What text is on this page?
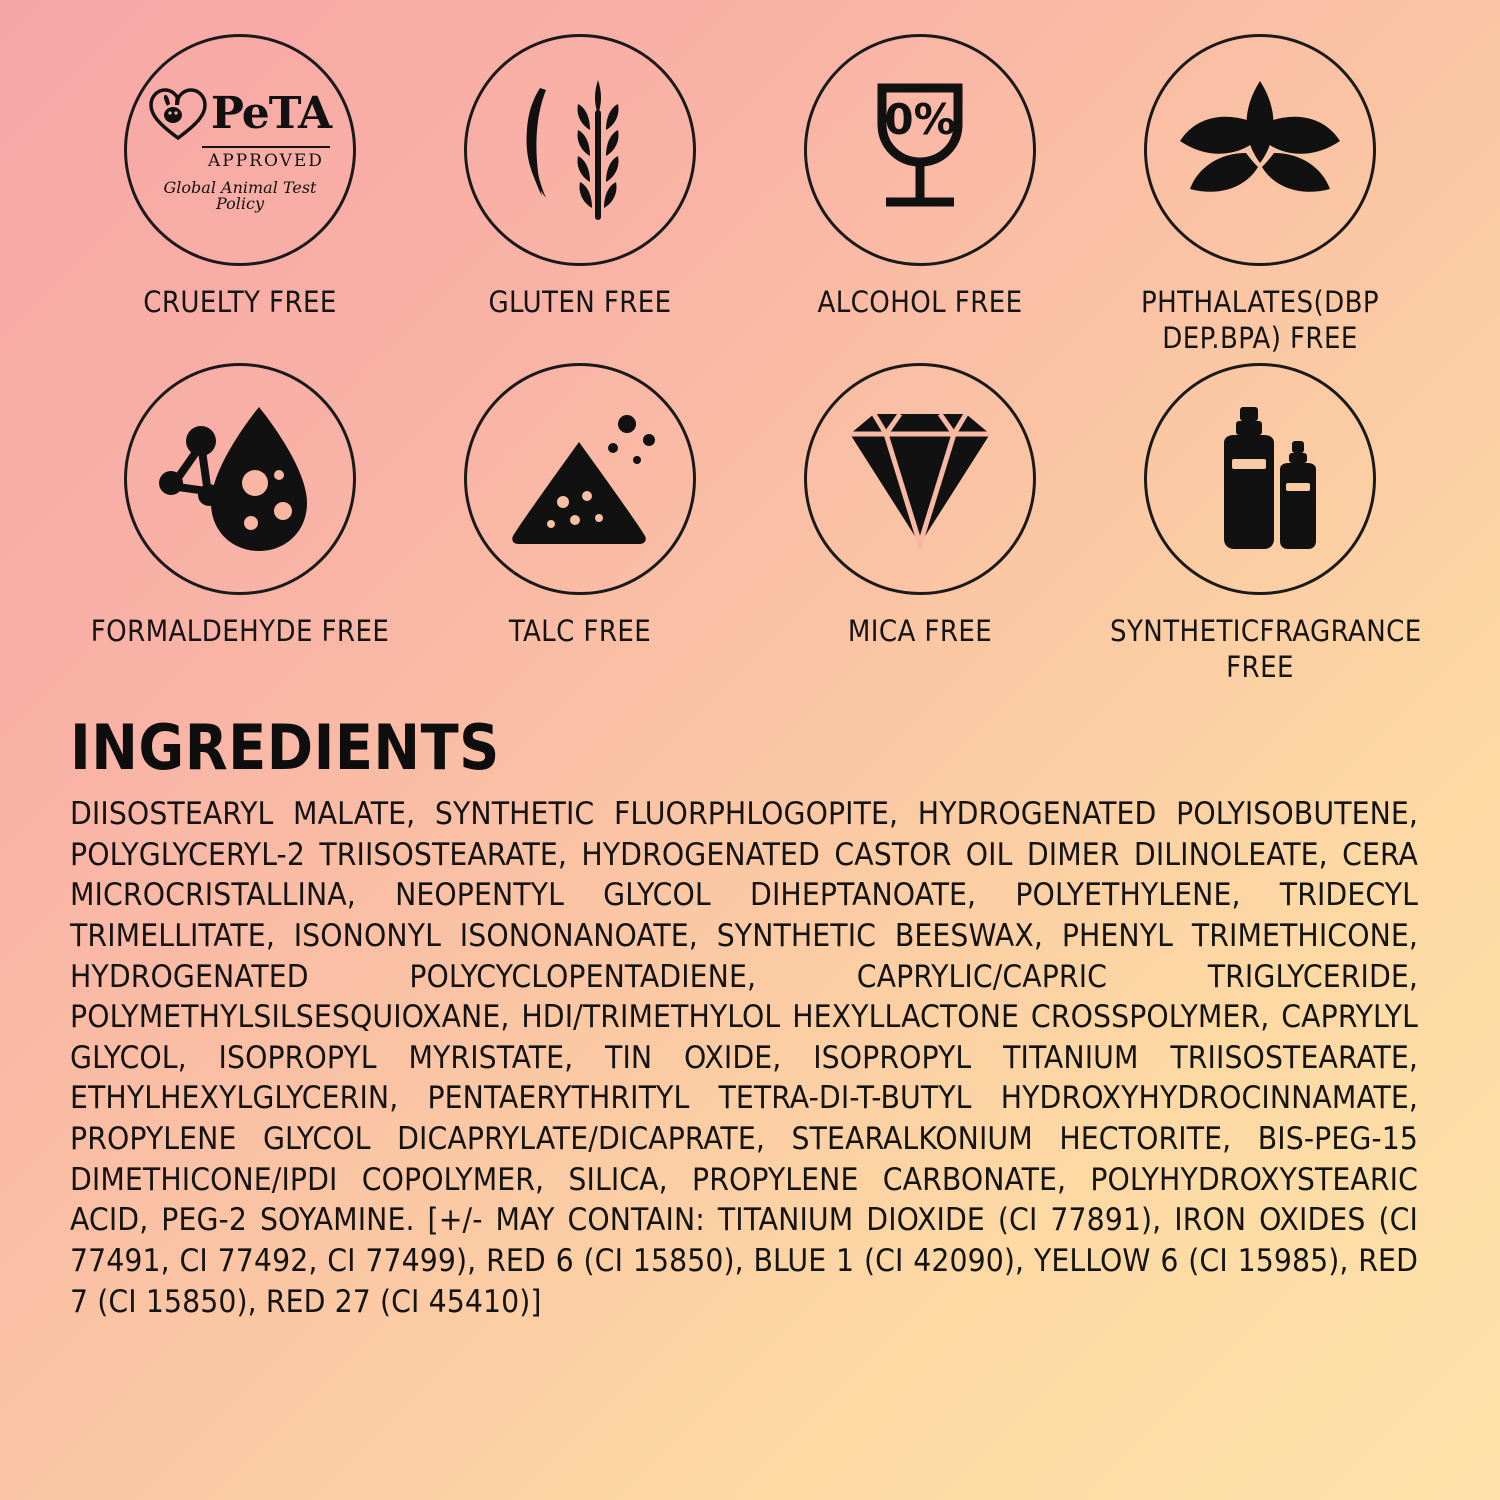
PeTA
APPROVED
Global Animal Test Policy
CRUELTY FREE	GLUTEN FREE
0%
ALCOHOL FREE	PHTHALATES(DBP DEP.BPA) FREE
FORMALDEHYDE FREE	TALC FREE	MICA FREE	SYNTHETICFRAGRANCE FREE
INGREDIENTS
DIISOSTEARYL MALATE, SYNTHETIC FLUORPHLOGOPITE, HYDROGENATED POLYISOBUTENE, POLYGLYCERYL-2 TRIISOSTEARATE, HYDROGENATED CASTOR OIL DIMER DILINOLEATE, CERA MICROCRISTALLINA, NEOPENTYL GLYCOL DIHEPTANOATE, POLYETHYLENE, TRIDECYL TRIMELLITATE, ISONONYL ISONONANOATE, SYNTHETIC BEESWAX, PHENYL TRIMETHICONE, HYDROGENATED POLYCYCLOPENTADIENE, CAPRYLIC/CAPRIC TRIGLYCERIDE, POLYMETHYLSILSESQUIOXANE, HDI/TRIMETHYLOL HEXYLLACTONE CROSSPOLYMER, CAPRYLYL GLYCOL, ISOPROPYL MYRISTATE, TIN OXIDE, ISOPROPYL TITANIUM TRIISOSTEARATE, ETHYLHEXYLGLYCERIN, PENTAERYTHRITYL TETRA-DI-T-BUTYL HYDROXYHYDROCINNAMATE, PROPYLENE GLYCOL DICAPRYLATE/DICAPRATE, STEARALKONIUM HECTORITE, BIS-PEG-15 DIMETHICONE/IPDI COPOLYMER, SILICA, PROPYLENE CARBONATE, POLYHYDROXYSTEARIC ACID, PEG-2 SOYAMINE. [+/- MAY CONTAIN: TITANIUM DIOXIDE (CI 77891), IRON OXIDES (CI 77491, CI 77492, CI 77499), RED 6 (CI 15850), BLUE 1 (CI 42090), YELLOW 6 (CI 15985), RED 7 (CI 15850), RED 27 (CI 45410)]
